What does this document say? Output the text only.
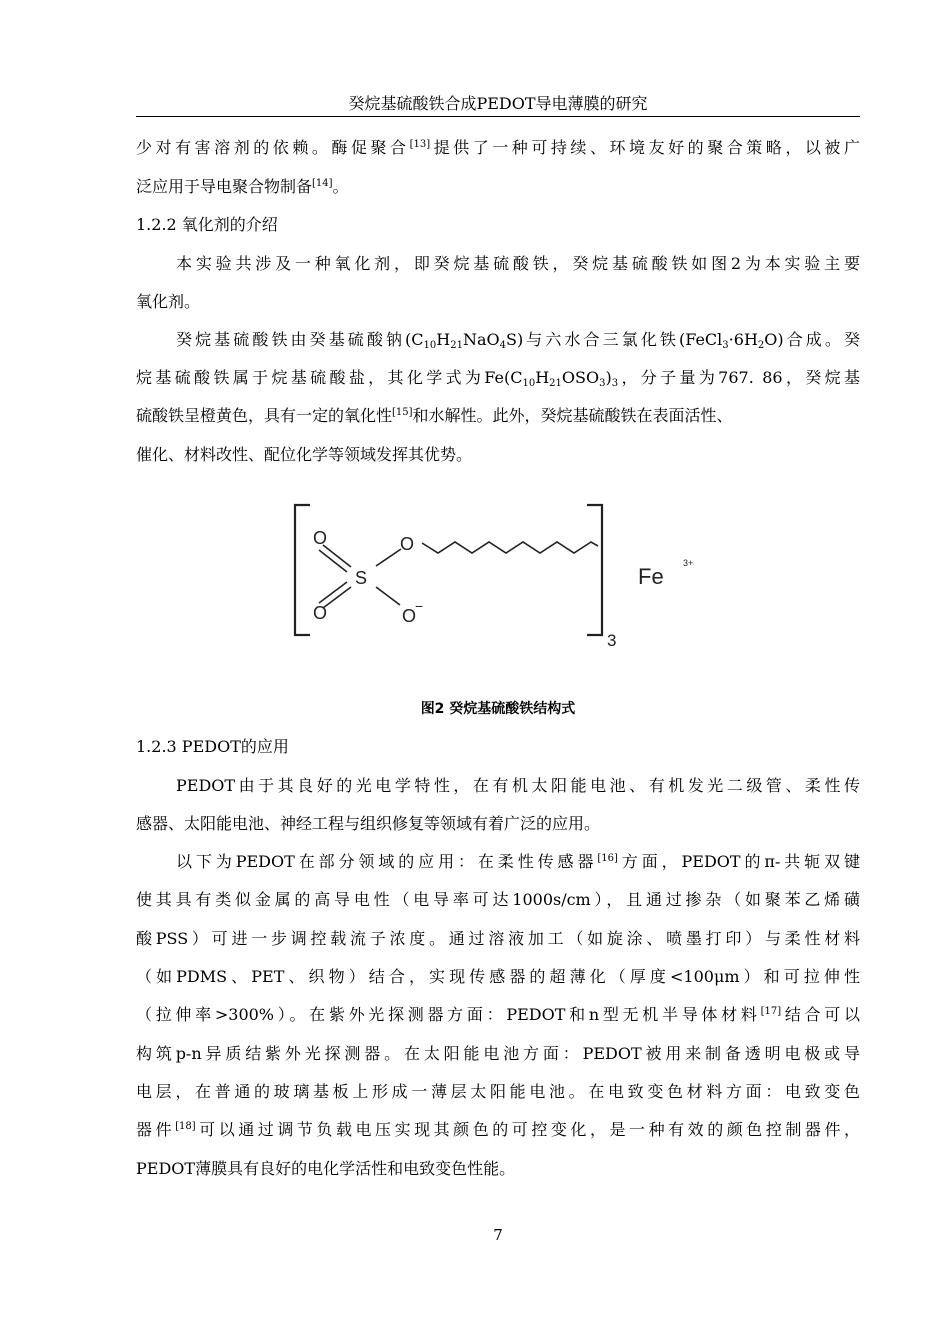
癸烷基硫酸铁合成PEDOT导电薄膜的研究
少对有害溶剂的依赖。酶促聚合[13]提供了一种可持续、环境友好的聚合策略，以被广
泛应用于导电聚合物制备[14]。
1.2.2 氧化剂的介绍
本实验共涉及一种氧化剂，即癸烷基硫酸铁，癸烷基硫酸铁如图2为本实验主要
氧化剂。
癸烷基硫酸铁由癸基硫酸钠$(C_{10}H_{21}NaO_4S)$与六水合三氯化铁$(FeCl_3\cdot 6H_2O)$合成。癸
烷基硫酸铁属于烷基硫酸盐，其化学式为$Fe(C_{10}H_{21}OSO_3)_3$，分子量为767. 86，癸烷基
硫酸铁呈橙黄色，具有一定的氧化性[15]和水解性。此外，癸烷基硫酸铁在表面活性、
催化、材料改性、配位化学等领域发挥其优势。
O
O
S
O
O
−
3
Fe
3+
图2 癸烷基硫酸铁结构式
1.2.3 PEDOT的应用
PEDOT由于其良好的光电学特性，在有机太阳能电池、有机发光二级管、柔性传
感器、太阳能电池、神经工程与组织修复等领域有着广泛的应用。
以下为PEDOT在部分领域的应用：在柔性传感器[16]方面，PEDOT的π-共轭双键
使其具有类似金属的高导电性（电导率可达1000s/cm），且通过掺杂（如聚苯乙烯磺
酸PSS）可进一步调控载流子浓度。通过溶液加工（如旋涂、喷墨打印）与柔性材料
（如PDMS、PET、织物）结合，实现传感器的超薄化（厚度<100μm）和可拉伸性
（拉伸率>300%）。在紫外光探测器方面：PEDOT和n型无机半导体材料[17]结合可以
构筑p-n异质结紫外光探测器。在太阳能电池方面：PEDOT被用来制备透明电极或导
电层，在普通的玻璃基板上形成一薄层太阳能电池。在电致变色材料方面：电致变色
器件[18]可以通过调节负载电压实现其颜色的可控变化，是一种有效的颜色控制器件，
PEDOT薄膜具有良好的电化学活性和电致变色性能。
7
